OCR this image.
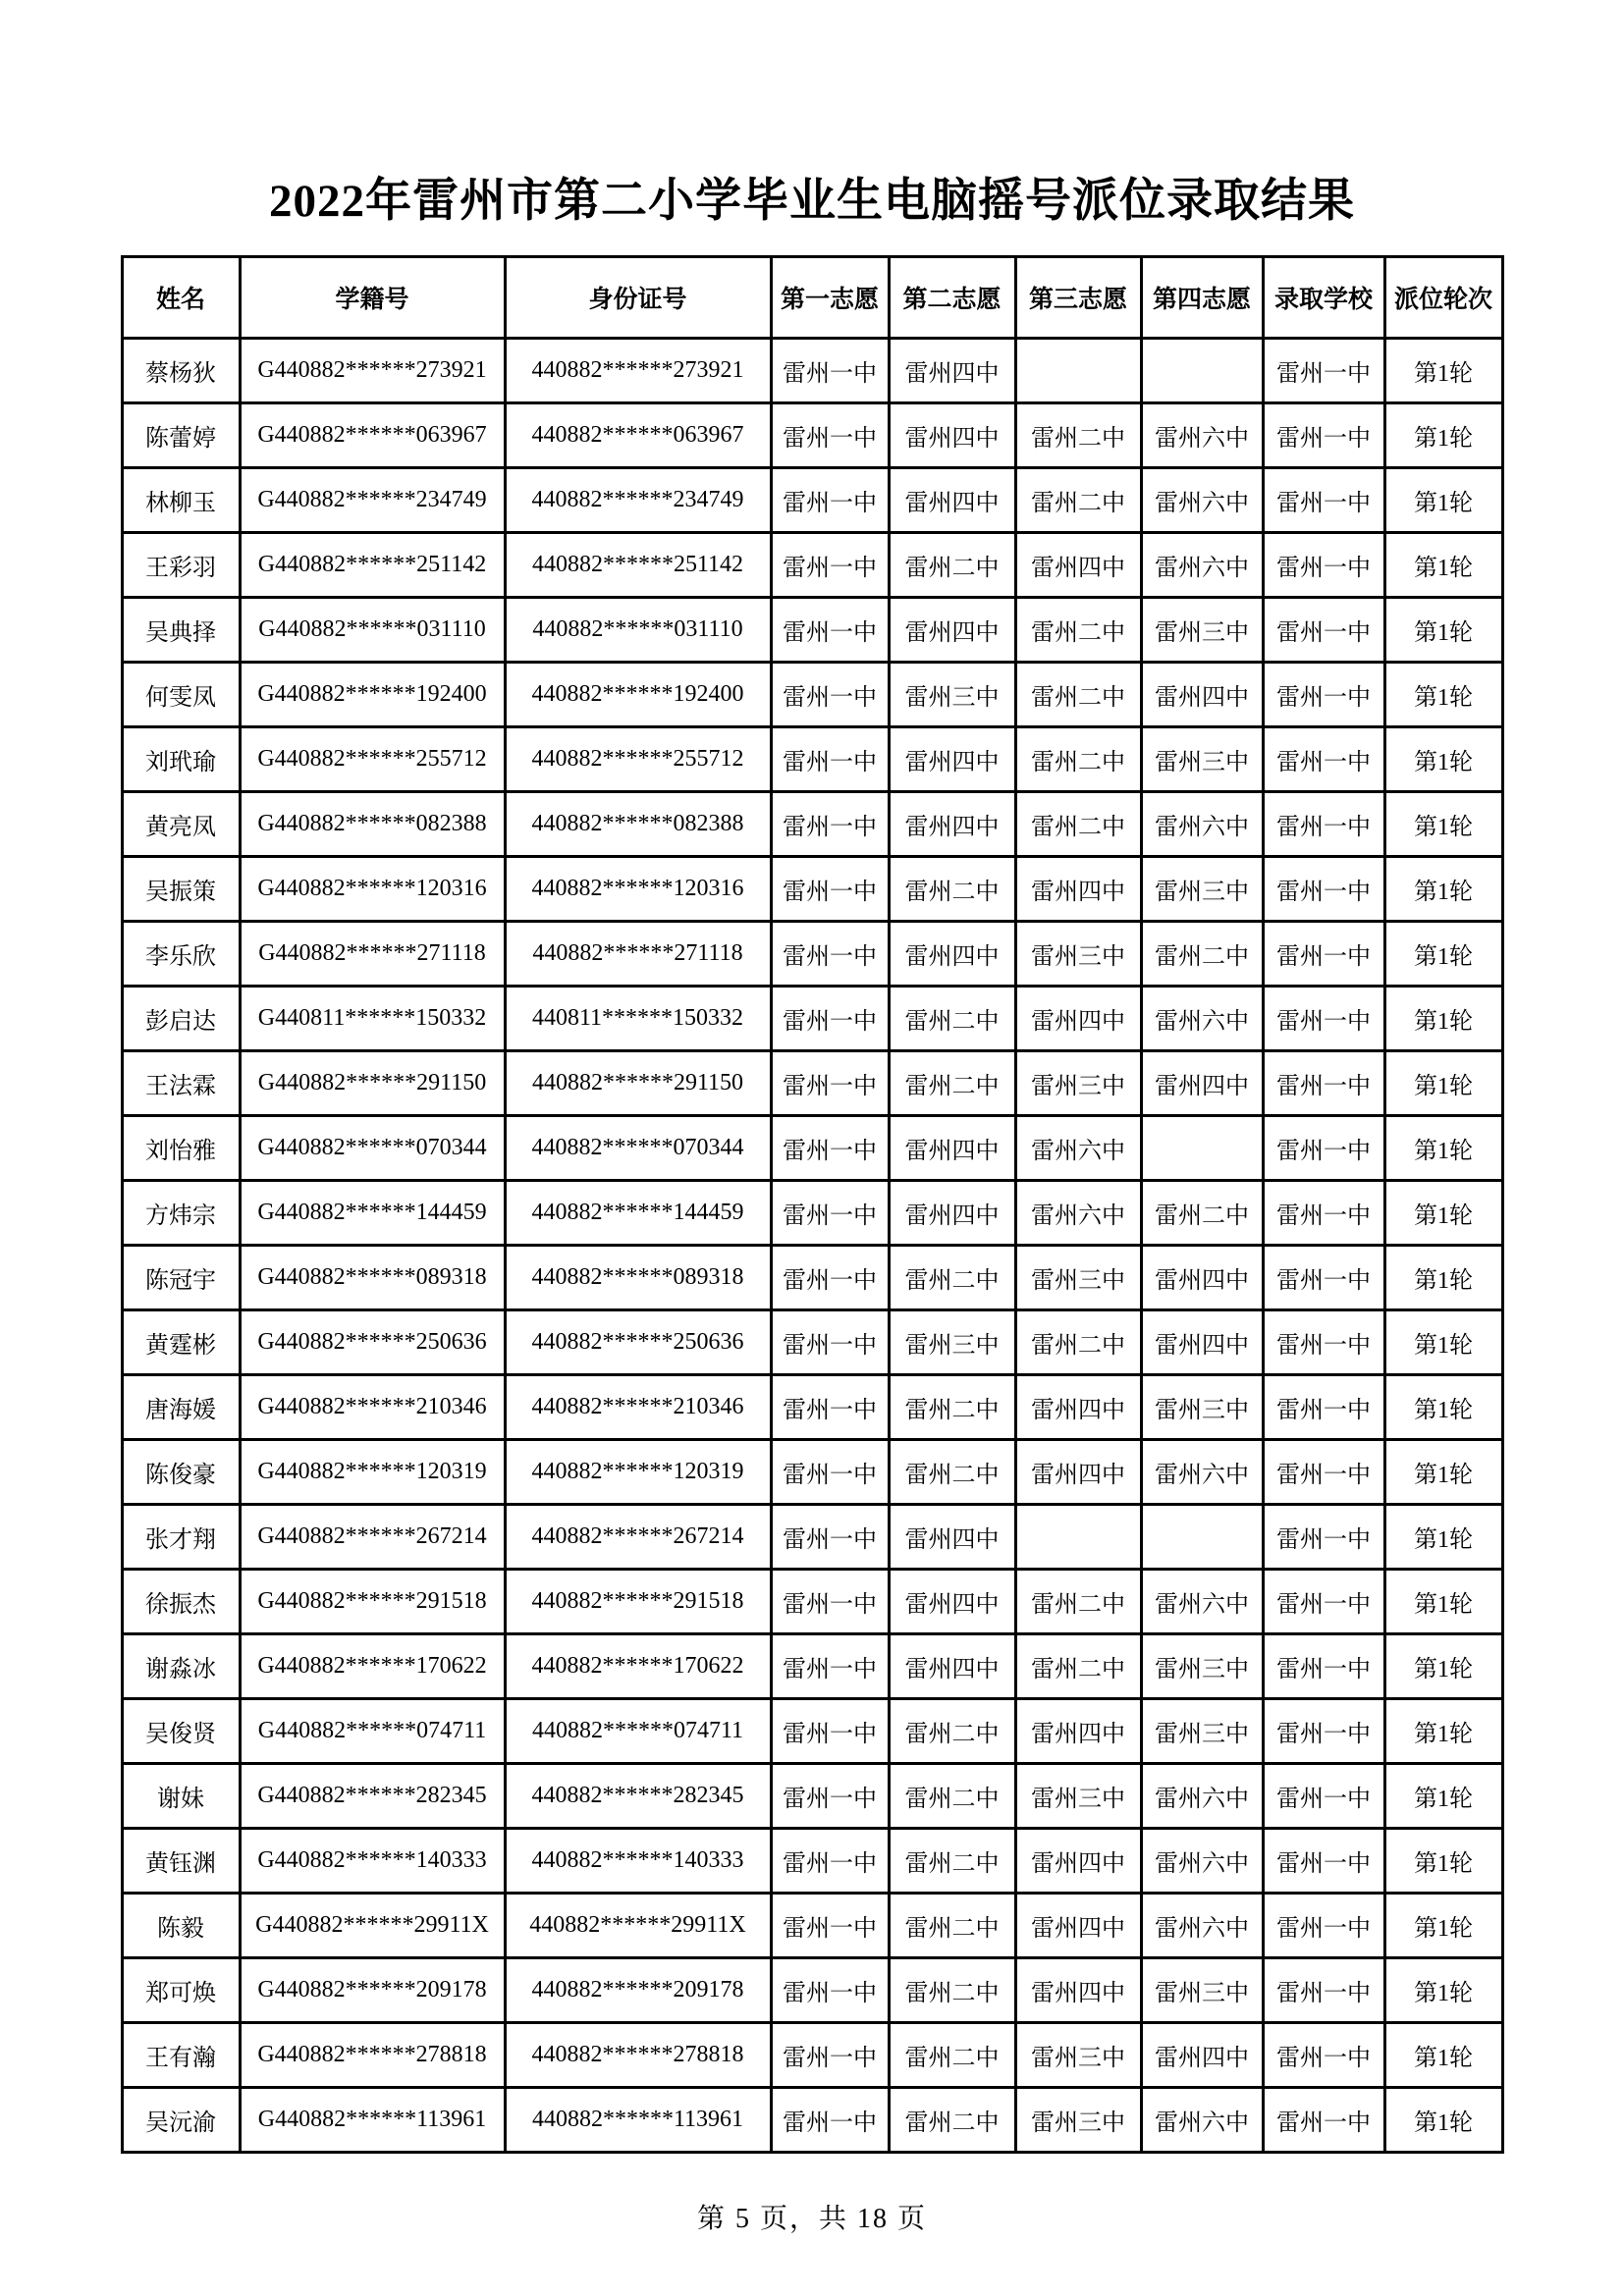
2022年雷州市第二小学毕业生电脑摇号派位录取结果
姓名	学籍号	身份证号	第一志愿	第二志愿	第三志愿	第四志愿	录取学校	派位轮次
蔡杨狄	G440882******273921	440882******273921	雷州一中	雷州四中			雷州一中	第1轮
陈蕾婷	G440882******063967	440882******063967	雷州一中	雷州四中	雷州二中	雷州六中	雷州一中	第1轮
林柳玉	G440882******234749	440882******234749	雷州一中	雷州四中	雷州二中	雷州六中	雷州一中	第1轮
王彩羽	G440882******251142	440882******251142	雷州一中	雷州二中	雷州四中	雷州六中	雷州一中	第1轮
吴典择	G440882******031110	440882******031110	雷州一中	雷州四中	雷州二中	雷州三中	雷州一中	第1轮
何雯凤	G440882******192400	440882******192400	雷州一中	雷州三中	雷州二中	雷州四中	雷州一中	第1轮
刘玳瑜	G440882******255712	440882******255712	雷州一中	雷州四中	雷州二中	雷州三中	雷州一中	第1轮
黄亮凤	G440882******082388	440882******082388	雷州一中	雷州四中	雷州二中	雷州六中	雷州一中	第1轮
吴振策	G440882******120316	440882******120316	雷州一中	雷州二中	雷州四中	雷州三中	雷州一中	第1轮
李乐欣	G440882******271118	440882******271118	雷州一中	雷州四中	雷州三中	雷州二中	雷州一中	第1轮
彭启达	G440811******150332	440811******150332	雷州一中	雷州二中	雷州四中	雷州六中	雷州一中	第1轮
王法霖	G440882******291150	440882******291150	雷州一中	雷州二中	雷州三中	雷州四中	雷州一中	第1轮
刘怡雅	G440882******070344	440882******070344	雷州一中	雷州四中	雷州六中		雷州一中	第1轮
方炜宗	G440882******144459	440882******144459	雷州一中	雷州四中	雷州六中	雷州二中	雷州一中	第1轮
陈冠宇	G440882******089318	440882******089318	雷州一中	雷州二中	雷州三中	雷州四中	雷州一中	第1轮
黄霆彬	G440882******250636	440882******250636	雷州一中	雷州三中	雷州二中	雷州四中	雷州一中	第1轮
唐海媛	G440882******210346	440882******210346	雷州一中	雷州二中	雷州四中	雷州三中	雷州一中	第1轮
陈俊豪	G440882******120319	440882******120319	雷州一中	雷州二中	雷州四中	雷州六中	雷州一中	第1轮
张才翔	G440882******267214	440882******267214	雷州一中	雷州四中			雷州一中	第1轮
徐振杰	G440882******291518	440882******291518	雷州一中	雷州四中	雷州二中	雷州六中	雷州一中	第1轮
谢淼冰	G440882******170622	440882******170622	雷州一中	雷州四中	雷州二中	雷州三中	雷州一中	第1轮
吴俊贤	G440882******074711	440882******074711	雷州一中	雷州二中	雷州四中	雷州三中	雷州一中	第1轮
谢妹	G440882******282345	440882******282345	雷州一中	雷州二中	雷州三中	雷州六中	雷州一中	第1轮
黄钰渊	G440882******140333	440882******140333	雷州一中	雷州二中	雷州四中	雷州六中	雷州一中	第1轮
陈毅	G440882******29911X	440882******29911X	雷州一中	雷州二中	雷州四中	雷州六中	雷州一中	第1轮
郑可焕	G440882******209178	440882******209178	雷州一中	雷州二中	雷州四中	雷州三中	雷州一中	第1轮
王有瀚	G440882******278818	440882******278818	雷州一中	雷州二中	雷州三中	雷州四中	雷州一中	第1轮
吴沅渝	G440882******113961	440882******113961	雷州一中	雷州二中	雷州三中	雷州六中	雷州一中	第1轮
第 5 页，共 18 页
